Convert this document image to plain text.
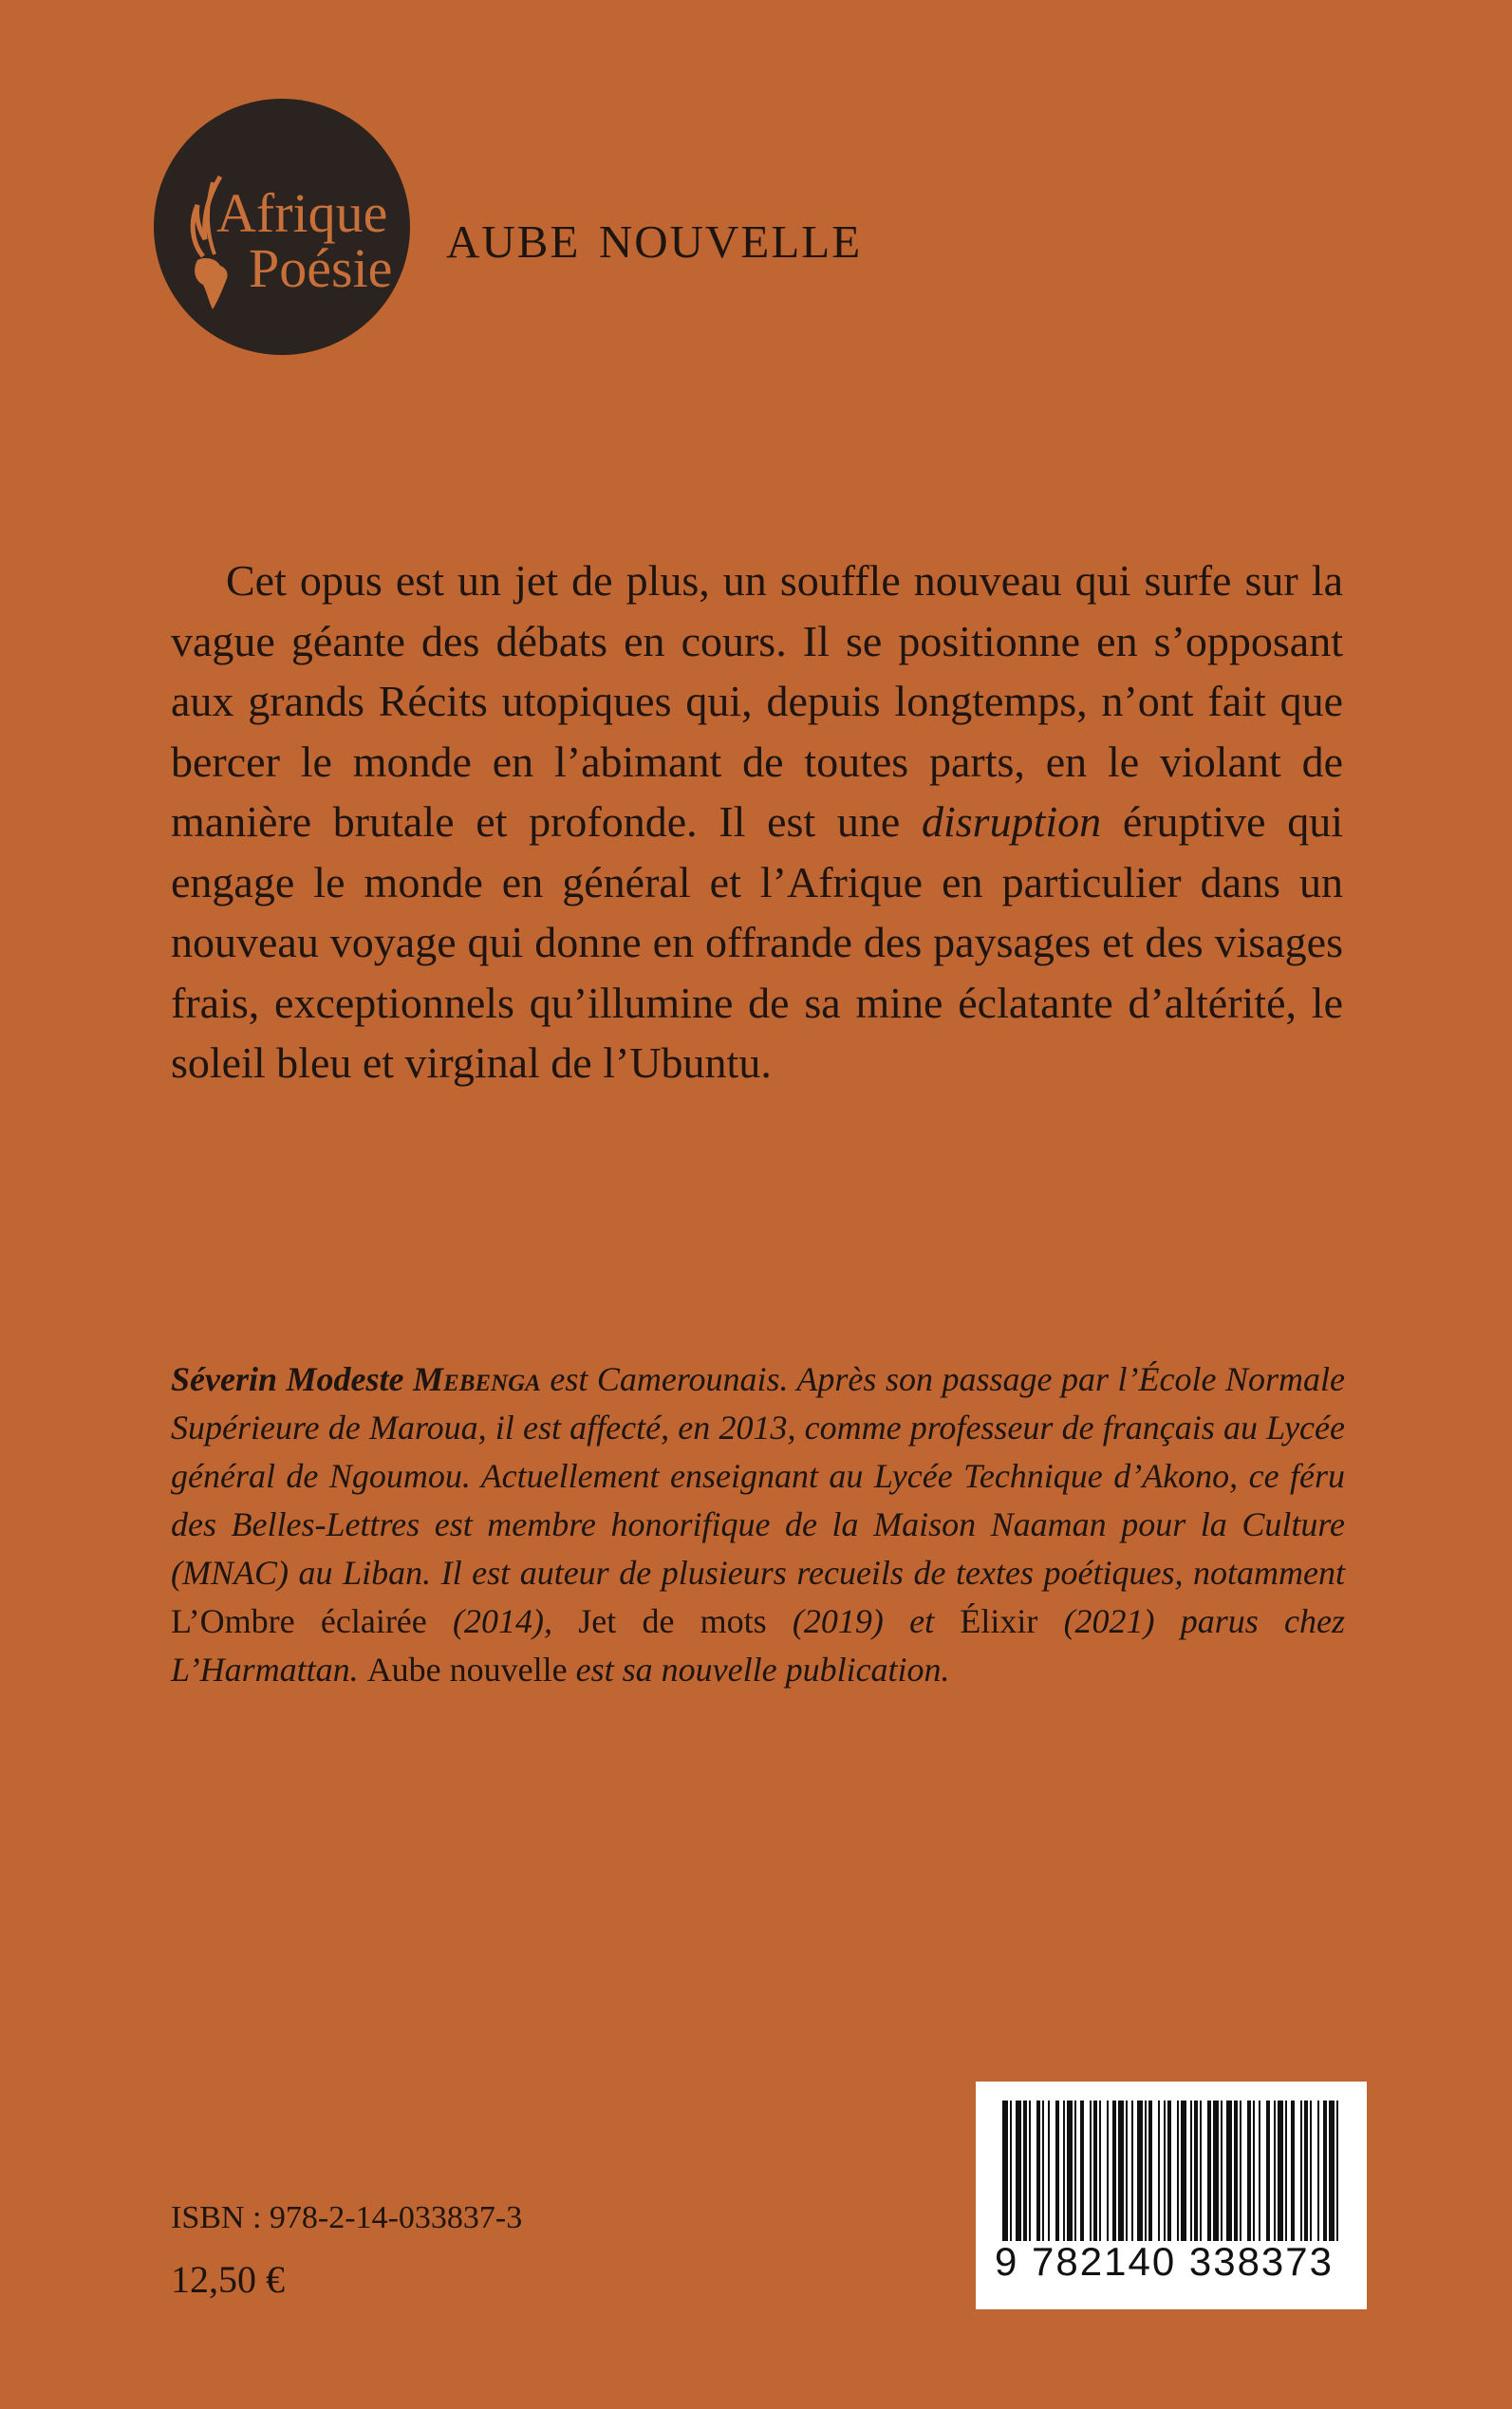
Afrique
Poésie aube nouvelle

Cet opus est un jet de plus, un souffle nouveau qui surfe sur la vague géante des débats en cours. Il se positionne en s’opposant aux grands Récits utopiques qui, depuis longtemps, n’ont fait que bercer le monde en l’abimant de toutes parts, en le violant de manière brutale et profonde. Il est une disruption éruptive qui engage le monde en général et l’Afrique en particulier dans un nouveau voyage qui donne en offrande des paysages et des visages frais, exceptionnels qu’illumine de sa mine éclatante d’altérité, le soleil bleu et virginal de l’Ubuntu.

Séverin Modeste Mebenga est Camerounais. Après son passage par l’École Normale Supérieure de Maroua, il est affecté, en 2013, comme professeur de français au Lycée général de Ngoumou. Actuellement enseignant au Lycée Technique d’Akono, ce féru des Belles-Lettres est membre honorifique de la Maison Naaman pour la Culture (MNAC) au Liban. Il est auteur de plusieurs recueils de textes poétiques, notamment L’Ombre éclairée (2014), Jet de mots (2019) et Élixir (2021) parus chez L’Harmattan. Aube nouvelle est sa nouvelle publication.

ISBN : 978-2-14-033837-3
12,50 €	9 782140 338373
